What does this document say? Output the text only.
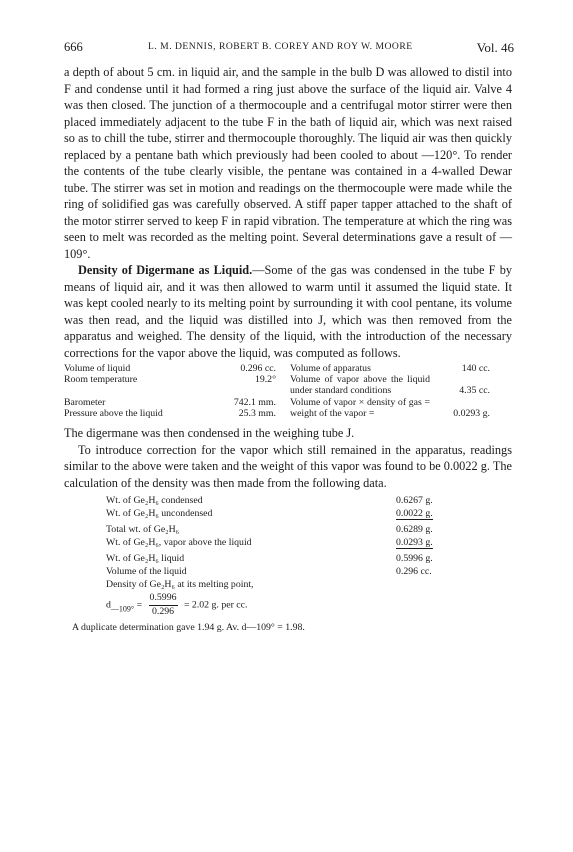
666	L. M. DENNIS, ROBERT B. COREY AND ROY W. MOORE	Vol. 46

a depth of about 5 cm. in liquid air, and the sample in the bulb D was allowed to distil into F and condense until it had formed a ring just above the surface of the liquid air. Valve 4 was then closed. The junction of a thermocouple and a centrifugal motor stirrer were then placed immediately adjacent to the tube F in the bath of liquid air, which was next raised so as to chill the tube, stirrer and thermocouple thoroughly. The liquid air was then quickly replaced by a pentane bath which previously had been cooled to about —120°. To render the contents of the tube clearly visible, the pentane was contained in a 4-walled Dewar tube. The stirrer was set in motion and readings on the thermocouple were made while the ring of solidified gas was carefully observed. A stiff paper tapper attached to the shaft of the motor stirrer served to keep F in rapid vibration. The temperature at which the ring was seen to melt was recorded as the melting point. Several determinations gave a result of —109°.

Density of Digermane as Liquid.—Some of the gas was condensed in the tube F by means of liquid air, and it was then allowed to warm until it assumed the liquid state. It was kept cooled nearly to its melting point by surrounding it with cool pentane, its volume was then read, and the liquid was distilled into J, which was then removed from the apparatus and weighed. The density of the liquid, with the introduction of the necessary corrections for the vapor above the liquid, was computed as follows.

Volume of liquid	0.296 cc.	Volume of apparatus	140 cc.
Room temperature	19.2°	Volume of vapor above the liquid under standard conditions	4.35 cc.
Barometer	742.1 mm.	Volume of vapor × density of gas = weight of the vapor =	0.0293 g.
Pressure above the liquid	25.3 mm.		

The digermane was then condensed in the weighing tube J.

To introduce correction for the vapor which still remained in the apparatus, readings similar to the above were taken and the weight of this vapor was found to be 0.0022 g. The calculation of the density was then made from the following data.

Wt. of Ge₂H₆ condensed	0.6267 g.
Wt. of Ge₂H₆ uncondensed	0.0022 g.
Total wt. of Ge₂H₆	0.6289 g.
Wt. of Ge₂H₆, vapor above the liquid	0.0293 g.
Wt. of Ge₂H₆ liquid	0.5996 g.
Volume of the liquid	0.296 cc.
Density of Ge₂H₆ at its melting point,
$d_{—109^\circ} = \frac{0.5996}{0.296} = 2.02$ g. per cc.
A duplicate determination gave 1.94 g. Av. d—109° = 1.98.
